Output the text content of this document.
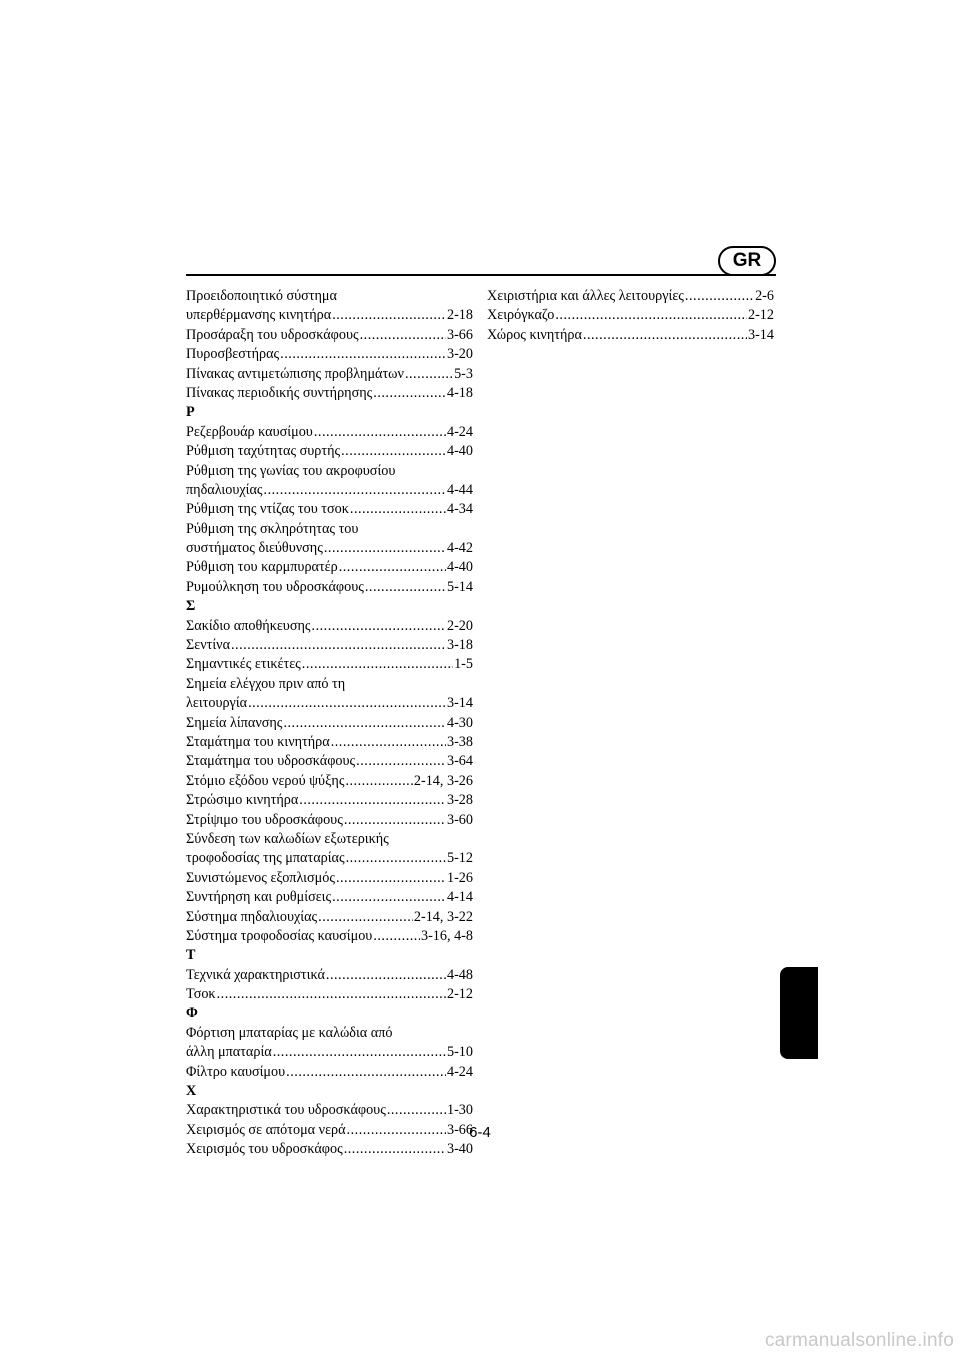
GR
Προειδοποιητικό σύστημα
υπερθέρμανσης κινητήρα .....	2-18
Προσάραξη του υδροσκάφους .....	3-66
Πυροσβεστήρας .....	3-20
Πίνακας αντιμετώπισης προβλημάτων .....	5-3
Πίνακας περιοδικής συντήρησης .....	4-18
Ρ
Ρεζερβουάρ καυσίμου .....	4-24
Ρύθμιση ταχύτητας συρτής .....	4-40
Ρύθμιση της γωνίας του ακροφυσίου
πηδαλιουχίας .....	4-44
Ρύθμιση της ντίζας του τσοκ .....	4-34
Ρύθμιση της σκληρότητας του
συστήματος διεύθυνσης .....	4-42
Ρύθμιση του καρμπυρατέρ .....	4-40
Ρυμούλκηση του υδροσκάφους .....	5-14
Σ
Σακίδιο αποθήκευσης .....	2-20
Σεντίνα .....	3-18
Σημαντικές ετικέτες .....	1-5
Σημεία ελέγχου πριν από τη
λειτουργία .....	3-14
Σημεία λίπανσης .....	4-30
Σταμάτημα του κινητήρα .....	3-38
Σταμάτημα του υδροσκάφους .....	3-64
Στόμιο εξόδου νερού ψύξης .....	2-14, 3-26
Στρώσιμο κινητήρα .....	3-28
Στρίψιμο του υδροσκάφους .....	3-60
Σύνδεση των καλωδίων εξωτερικής
τροφοδοσίας της μπαταρίας .....	5-12
Συνιστώμενος εξοπλισμός .....	1-26
Συντήρηση και ρυθμίσεις .....	4-14
Σύστημα πηδαλιουχίας .....	2-14, 3-22
Σύστημα τροφοδοσίας καυσίμου .....	3-16, 4-8
Τ
Τεχνικά χαρακτηριστικά .....	4-48
Τσοκ .....	2-12
Φ
Φόρτιση μπαταρίας με καλώδια από
άλλη μπαταρία .....	5-10
Φίλτρο καυσίμου .....	4-24
Χ
Χαρακτηριστικά του υδροσκάφους .....	1-30
Χειρισμός σε απότομα νερά .....	3-66
Χειρισμός του υδροσκάφος .....	3-40
Χειριστήρια και άλλες λειτουργίες .....	2-6
Χειρόγκαζο .....	2-12
Χώρος κινητήρα .....	3-14
6-4
carmanualsonline.info
